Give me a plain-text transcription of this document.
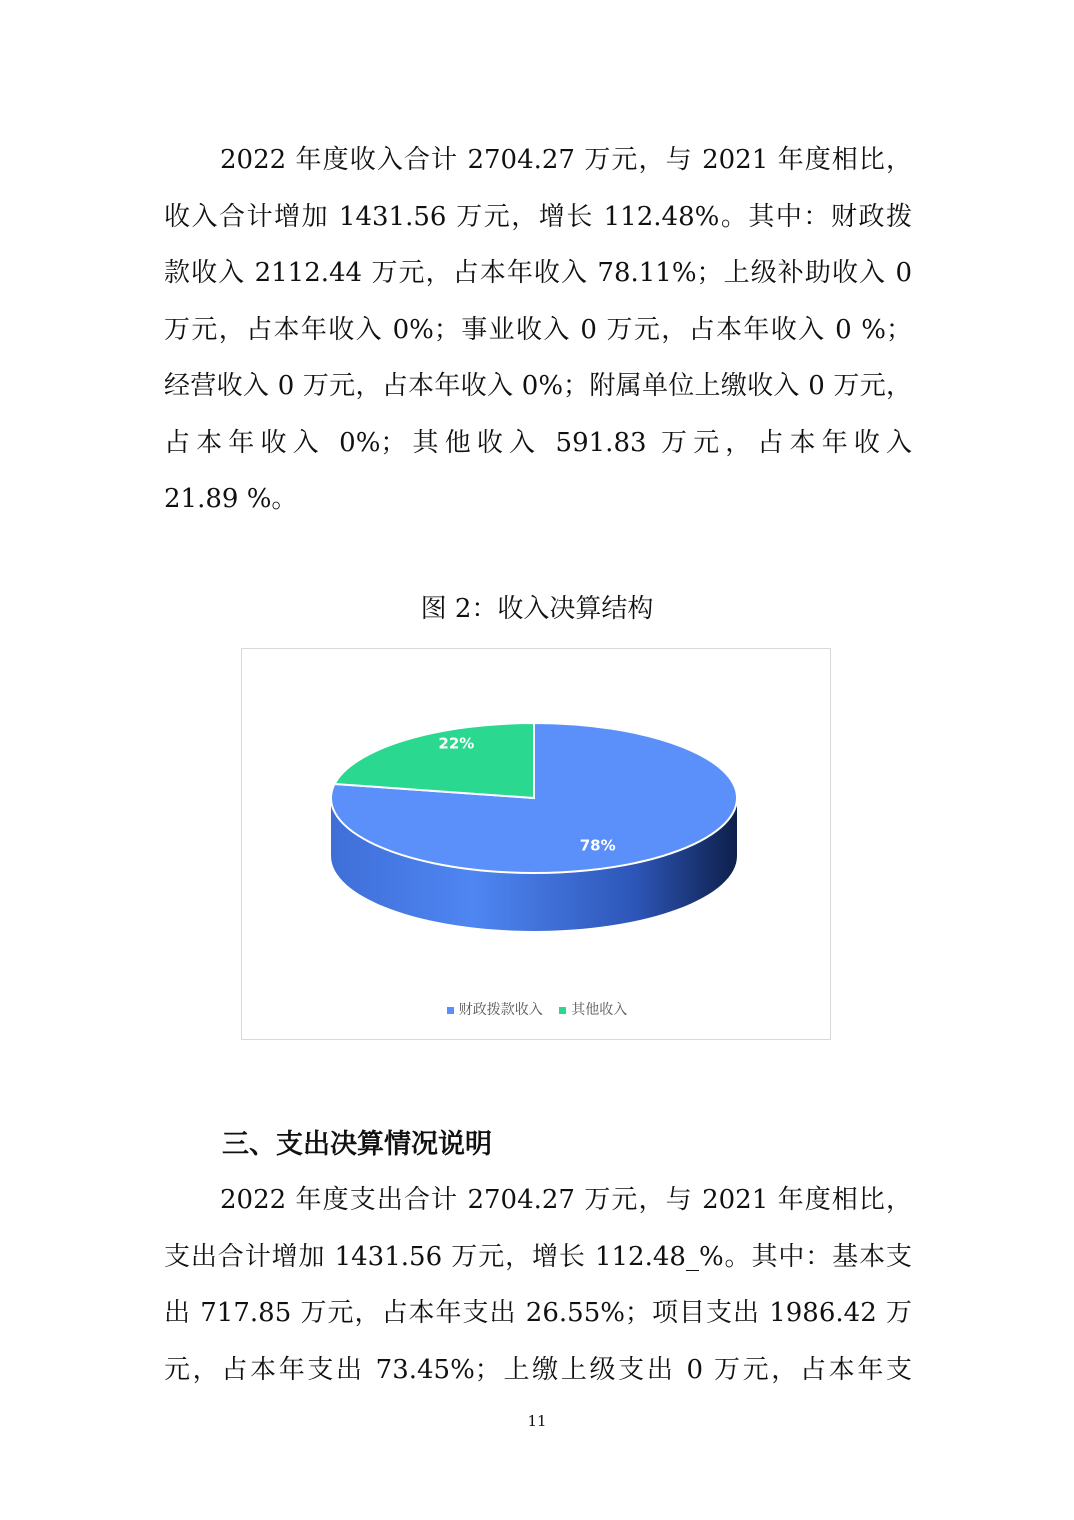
2022 年度收入合计 2704.27 万元，与 2021 年度相比，
收入合计增加 1431.56 万元，增长 112.48%。其中：财政拨
款收入 2112.44 万元，占本年收入 78.11%；上级补助收入 0
万元，占本年收入 0%；事业收入 0 万元，占本年收入 0 %；
经营收入 0 万元，占本年收入 0%；附属单位上缴收入 0 万元，
占本年收入 0%；其他收入 591.83 万元，占本年收入
21.89 %。
图 2：收入决算结构
78%
22%
财政拨款收入 其他收入
三、支出决算情况说明
2022 年度支出合计 2704.27 万元，与 2021 年度相比，
支出合计增加 1431.56 万元，增长 112.48_%。其中：基本支
出 717.85 万元，占本年支出 26.55%；项目支出 1986.42 万
元，占本年支出 73.45%；上缴上级支出 0 万元，占本年支
11
